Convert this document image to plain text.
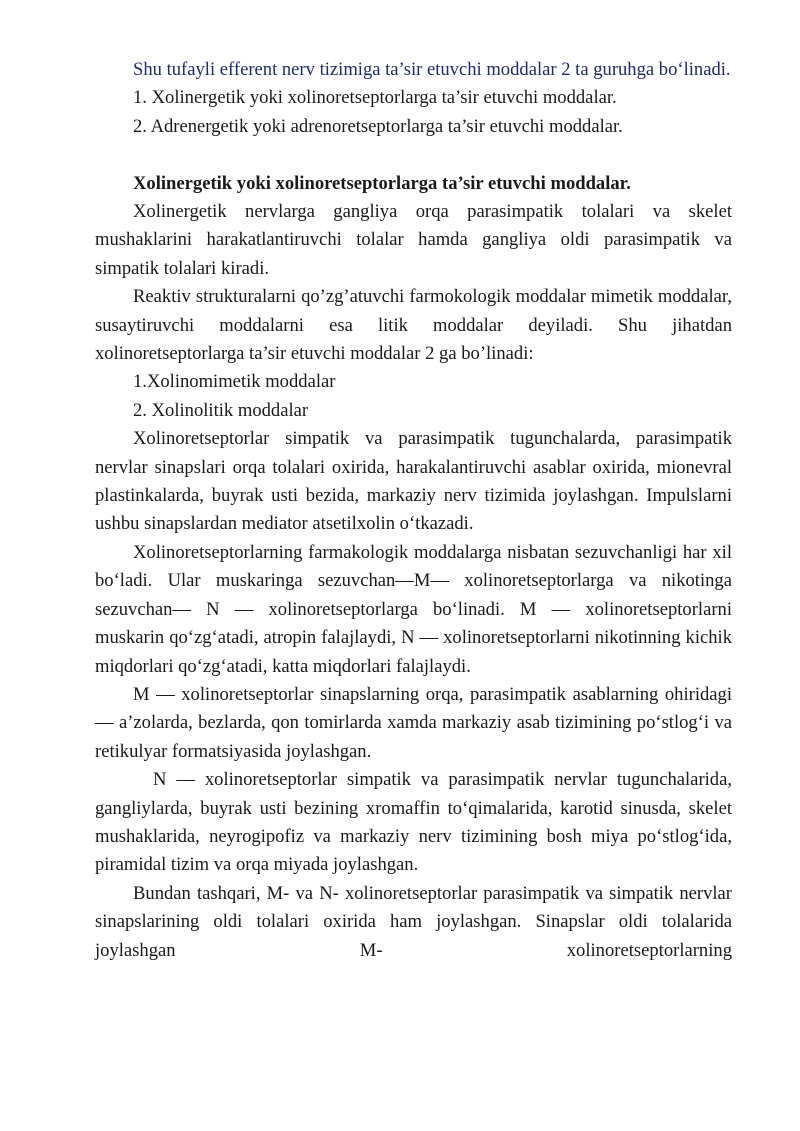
Shu tufayli efferent nerv tizimiga ta’sir etuvchi moddalar 2 ta guruhga bo‘linadi.

1. Xolinergetik yoki xolinoretseptorlarga ta’sir etuvchi moddalar.

2. Adrenergetik yoki adrenoretseptorlarga ta’sir etuvchi moddalar.

Xolinergetik yoki xolinoretseptorlarga ta’sir etuvchi moddalar.

Xolinergetik nervlarga gangliya orqa parasimpatik tolalari va skelet mushaklarini harakatlantiruvchi tolalar hamda gangliya oldi parasimpatik va simpatik tolalari kiradi.

Reaktiv strukturalarni qo’zg’atuvchi farmokologik moddalar mimetik moddalar, susaytiruvchi moddalarni esa litik moddalar deyiladi. Shu jihatdan xolinoretseptorlarga ta’sir etuvchi moddalar 2 ga bo’linadi:

1.Xolinomimetik moddalar

2. Xolinolitik moddalar

Xolinoretseptorlar simpatik va parasimpatik tugunchalarda, parasimpatik nervlar sinapslari orqa tolalari oxirida, harakalantiruvchi asablar oxirida, mionevral plastinkalarda, buyrak usti bezida, markaziy nerv tizimida joylashgan. Impulslarni ushbu sinapslardan mediator atsetilxolin o‘tkazadi.

Xolinoretseptorlarning farmakologik moddalarga nisbatan sezuvchanligi har xil bo‘ladi. Ular muskaringa sezuvchan—M— xolinoretseptorlarga va nikotinga sezuvchan— N — xolinoretseptorlarga bo‘linadi. M — xolinoretseptorlarni muskarin qo‘zg‘atadi, atropin falajlaydi, N — xolinoretseptorlarni nikotinning kichik miqdorlari qo‘zg‘atadi, katta miqdorlari falajlaydi.

M — xolinoretseptorlar sinapslarning orqa, parasimpatik asablarning ohiridagi — a’zolarda, bezlarda, qon tomirlarda xamda markaziy asab tizimining po‘stlog‘i va retikulyar formatsiyasida joylashgan.

N — xolinoretseptorlar simpatik va parasimpatik nervlar tugunchalarida, gangliylarda, buyrak usti bezining xromaffin to‘qimalarida, karotid sinusda, skelet mushaklarida, neyrogipofiz va markaziy nerv tizimining bosh miya po‘stlog‘ida, piramidal tizim va orqa miyada joylashgan.

Bundan tashqari, M- va N- xolinoretseptorlar parasimpatik va simpatik nervlar sinapslarining oldi tolalari oxirida ham joylashgan. Sinapslar oldi tolalarida joylashgan M- xolinoretseptorlarning
